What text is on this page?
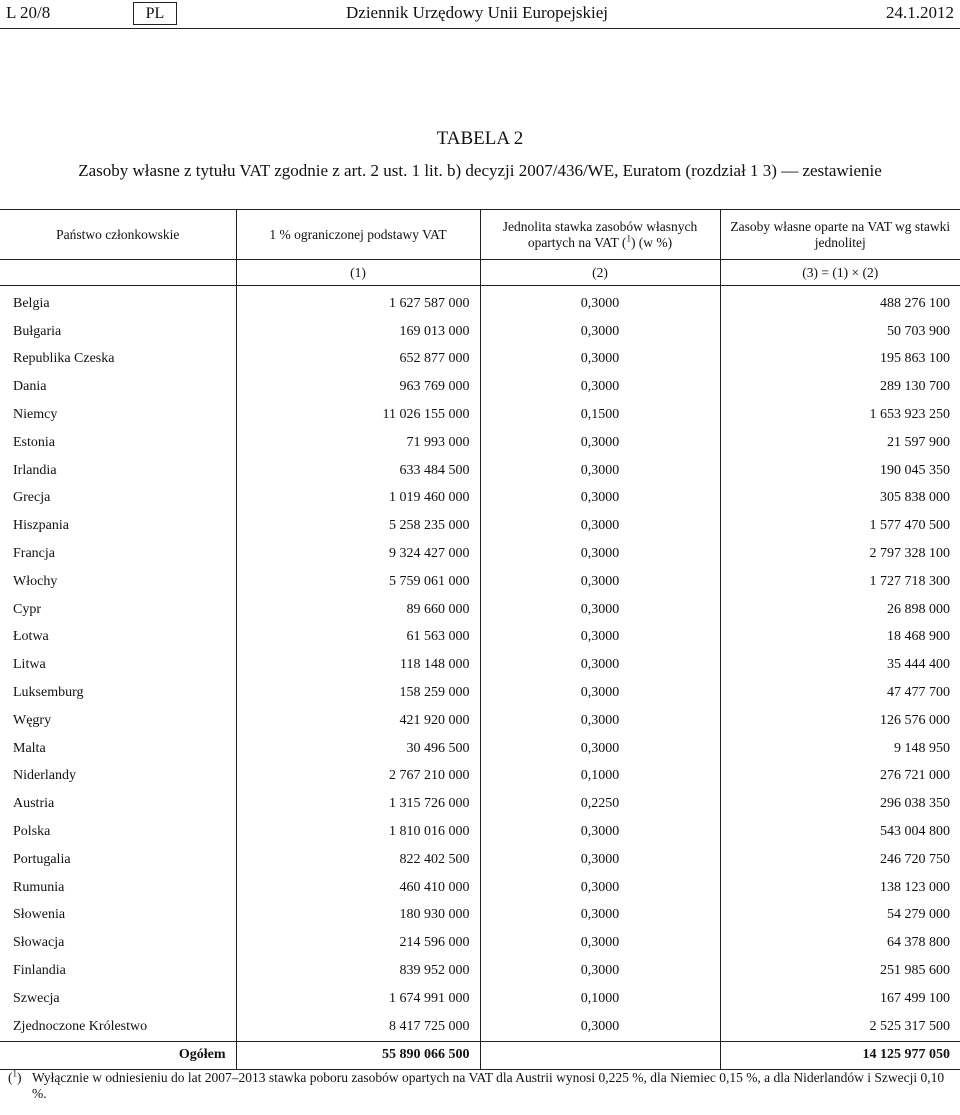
L 20/8	PL	Dziennik Urzędowy Unii Europejskiej	24.1.2012
TABELA 2
Zasoby własne z tytułu VAT zgodnie z art. 2 ust. 1 lit. b) decyzji 2007/436/WE, Euratom (rozdział 1 3) — zestawienie
Państwo członkowskie	1 % ograniczonej podstawy VAT	Jednolita stawka zasobów własnych opartych na VAT ($^1$) (w %)	Zasoby własne oparte na VAT wg stawki jednolitej
	(1)	(2)	(3) = (1) × (2)
Belgia	1 627 587 000	0,3000	488 276 100
Bułgaria	169 013 000	0,3000	50 703 900
Republika Czeska	652 877 000	0,3000	195 863 100
Dania	963 769 000	0,3000	289 130 700
Niemcy	11 026 155 000	0,1500	1 653 923 250
Estonia	71 993 000	0,3000	21 597 900
Irlandia	633 484 500	0,3000	190 045 350
Grecja	1 019 460 000	0,3000	305 838 000
Hiszpania	5 258 235 000	0,3000	1 577 470 500
Francja	9 324 427 000	0,3000	2 797 328 100
Włochy	5 759 061 000	0,3000	1 727 718 300
Cypr	89 660 000	0,3000	26 898 000
Łotwa	61 563 000	0,3000	18 468 900
Litwa	118 148 000	0,3000	35 444 400
Luksemburg	158 259 000	0,3000	47 477 700
Węgry	421 920 000	0,3000	126 576 000
Malta	30 496 500	0,3000	9 148 950
Niderlandy	2 767 210 000	0,1000	276 721 000
Austria	1 315 726 000	0,2250	296 038 350
Polska	1 810 016 000	0,3000	543 004 800
Portugalia	822 402 500	0,3000	246 720 750
Rumunia	460 410 000	0,3000	138 123 000
Słowenia	180 930 000	0,3000	54 279 000
Słowacja	214 596 000	0,3000	64 378 800
Finlandia	839 952 000	0,3000	251 985 600
Szwecja	1 674 991 000	0,1000	167 499 100
Zjednoczone Królestwo	8 417 725 000	0,3000	2 525 317 500
Ogółem	55 890 066 500		14 125 977 050
($^1$) Wyłącznie w odniesieniu do lat 2007–2013 stawka poboru zasobów opartych na VAT dla Austrii wynosi 0,225 %, dla Niemiec 0,15 %, a dla Niderlandów i Szwecji 0,10 %.
